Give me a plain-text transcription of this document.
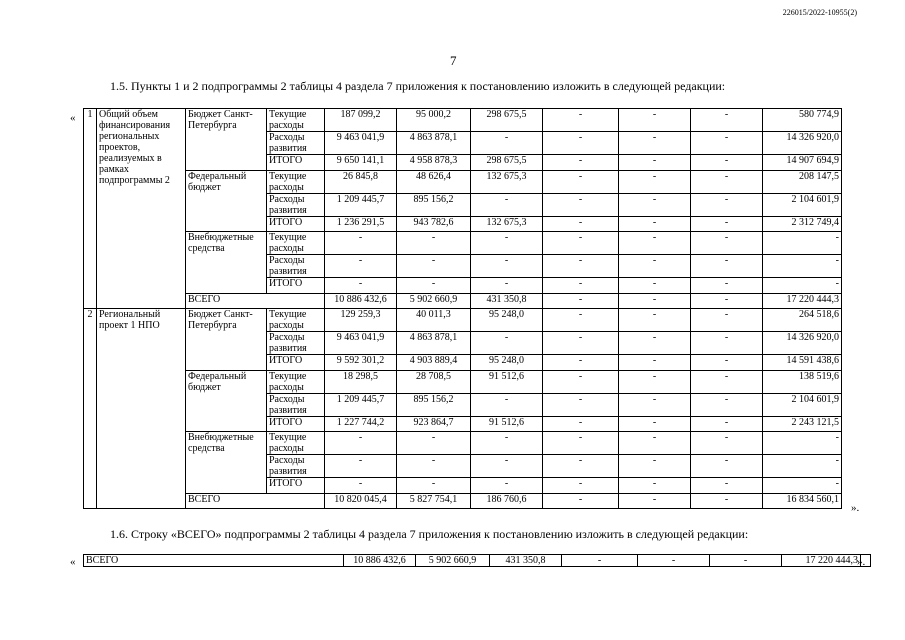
226015/2022-10955(2)
7
1.5. Пункты 1 и 2 подпрограммы 2 таблицы 4 раздела 7 приложения к постановлению изложить в следующей редакции:
« 1	Общий объем финансирования региональных проектов, реализуемых в рамках подпрограммы 2	Бюджет Санкт-Петербурга	Текущие расходы	187 099,2	95 000,2	298 675,5	-	-	-	580 774,9
			Расходы развития	9 463 041,9	4 863 878,1	-	-	-	-	14 326 920,0
			ИТОГО	9 650 141,1	4 958 878,3	298 675,5	-	-	-	14 907 694,9
		Федеральный бюджет	Текущие расходы	26 845,8	48 626,4	132 675,3	-	-	-	208 147,5
			Расходы развития	1 209 445,7	895 156,2	-	-	-	-	2 104 601,9
			ИТОГО	1 236 291,5	943 782,6	132 675,3	-	-	-	2 312 749,4
		Внебюджетные средства	Текущие расходы	-	-	-	-	-	-	-
			Расходы развития	-	-	-	-	-	-	-
			ИТОГО	-	-	-	-	-	-	-
		ВСЕГО		10 886 432,6	5 902 660,9	431 350,8	-	-	-	17 220 444,3
2	Региональный проект 1 НПО	Бюджет Санкт-Петербурга	Текущие расходы	129 259,3	40 011,3	95 248,0	-	-	-	264 518,6
			Расходы развития	9 463 041,9	4 863 878,1	-	-	-	-	14 326 920,0
			ИТОГО	9 592 301,2	4 903 889,4	95 248,0	-	-	-	14 591 438,6
		Федеральный бюджет	Текущие расходы	18 298,5	28 708,5	91 512,6	-	-	-	138 519,6
			Расходы развития	1 209 445,7	895 156,2	-	-	-	-	2 104 601,9
			ИТОГО	1 227 744,2	923 864,7	91 512,6	-	-	-	2 243 121,5
		Внебюджетные средства	Текущие расходы	-	-	-	-	-	-	-
			Расходы развития	-	-	-	-	-	-	-
			ИТОГО	-	-	-	-	-	-	-
		ВСЕГО		10 820 045,4	5 827 754,1	186 760,6	-	-	-	16 834 560,1
».
1.6. Строку «ВСЕГО» подпрограммы 2 таблицы 4 раздела 7 приложения к постановлению изложить в следующей редакции:
« ВСЕГО	10 886 432,6	5 902 660,9	431 350,8	-	-	-	17 220 444,3	».
